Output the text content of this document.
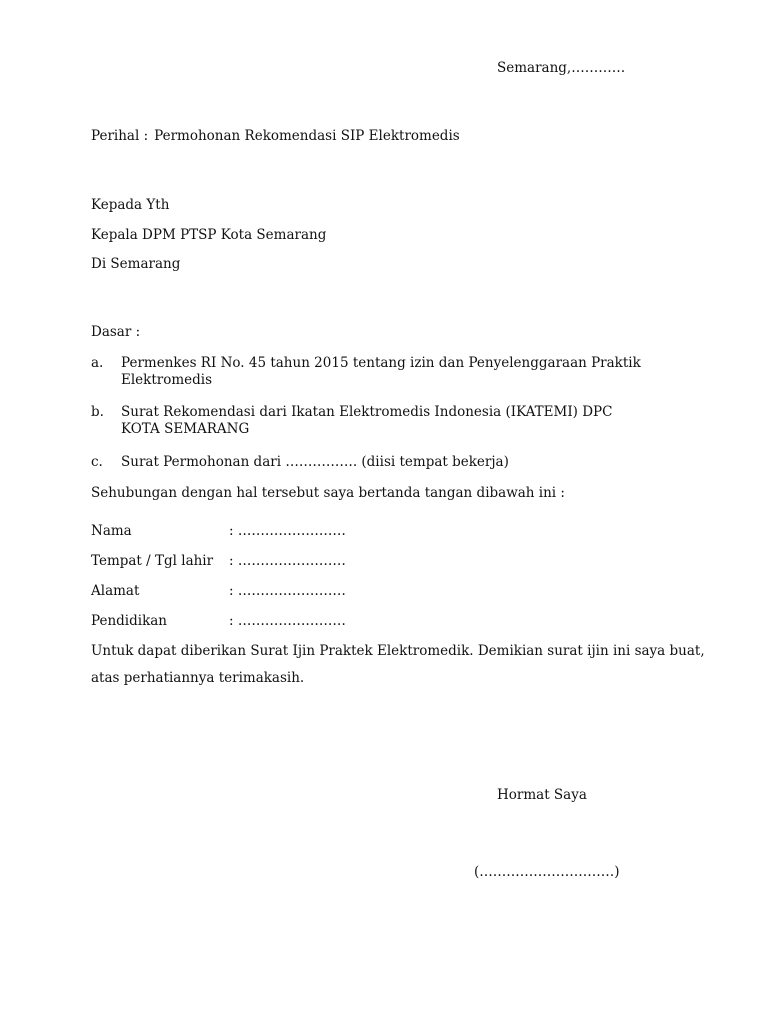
Semarang,…………
Perihal : Permohonan Rekomendasi SIP Elektromedis
Kepada Yth
Kepala DPM PTSP Kota Semarang
Di Semarang
Dasar :
a. Permenkes RI No. 45 tahun 2015 tentang izin dan Penyelenggaraan Praktik Elektromedis
b. Surat Rekomendasi dari Ikatan Elektromedis Indonesia (IKATEMI) DPC KOTA SEMARANG
c. Surat Permohonan dari ……………. (diisi tempat bekerja)
Sehubungan dengan hal tersebut saya bertanda tangan dibawah ini :
Nama	: ……………………
Tempat / Tgl lahir : ……………………
Alamat	: ……………………
Pendidikan	: ……………………
Untuk dapat diberikan Surat Ijin Praktek Elektromedik. Demikian surat ijin ini saya buat,
atas perhatiannya terimakasih.
Hormat Saya
(…………………………)
